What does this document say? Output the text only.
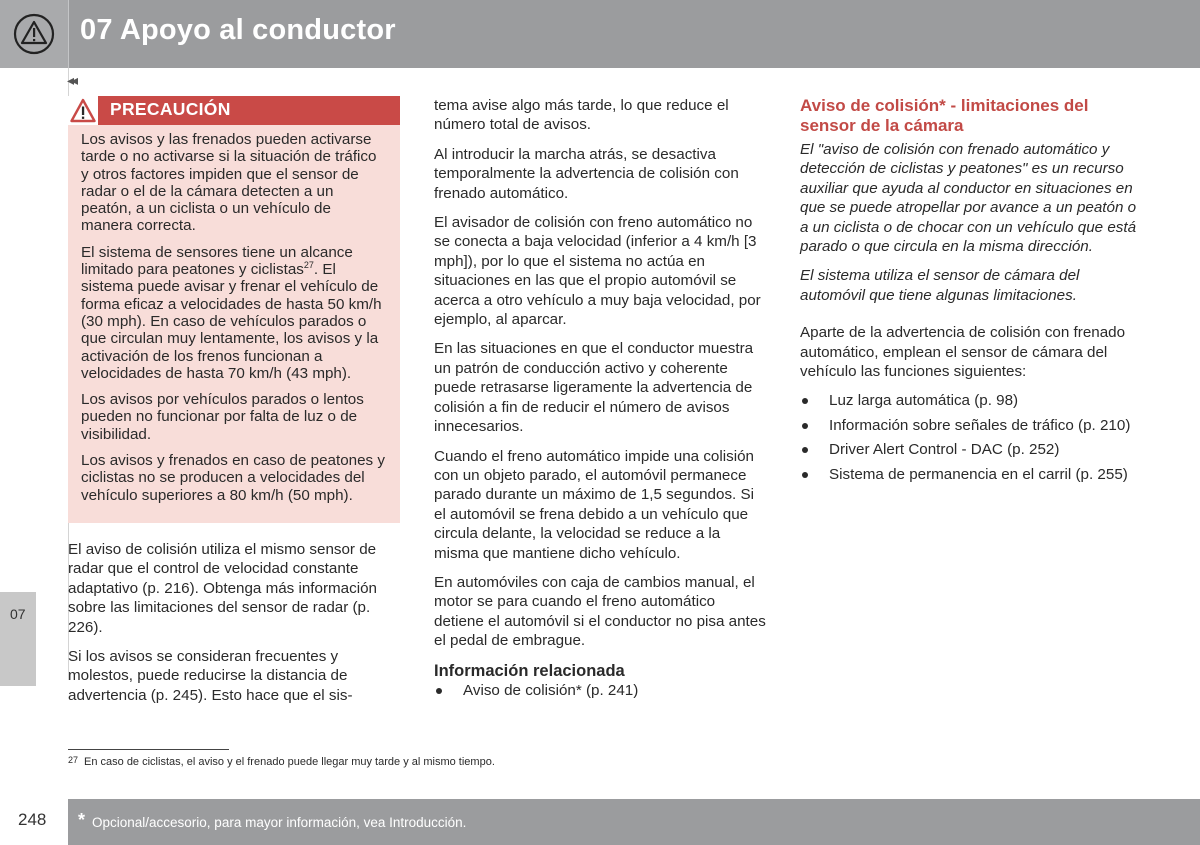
07 Apoyo al conductor
◂◂
07
PRECAUCIÓN

Los avisos y las frenados pueden activarse tarde o no activarse si la situación de tráfico y otros factores impiden que el sensor de radar o el de la cámara detecten a un peatón, a un ciclista o un vehículo de manera correcta.

El sistema de sensores tiene un alcance limitado para peatones y ciclistas$^{27}$. El sistema puede avisar y frenar el vehículo de forma eficaz a velocidades de hasta 50 km/h (30 mph). En caso de vehículos parados o que circulan muy lentamente, los avisos y la activación de los frenos funcionan a velocidades de hasta 70 km/h (43 mph).

Los avisos por vehículos parados o lentos pueden no funcionar por falta de luz o de visibilidad.

Los avisos y frenados en caso de peatones y ciclistas no se producen a velocidades del vehículo superiores a 80 km/h (50 mph).

El aviso de colisión utiliza el mismo sensor de radar que el control de velocidad constante adaptativo (p. 216). Obtenga más información sobre las limitaciones del sensor de radar (p. 226).

Si los avisos se consideran frecuentes y molestos, puede reducirse la distancia de advertencia (p. 245). Esto hace que el sis-

tema avise algo más tarde, lo que reduce el número total de avisos.

Al introducir la marcha atrás, se desactiva temporalmente la advertencia de colisión con frenado automático.

El avisador de colisión con freno automático no se conecta a baja velocidad (inferior a 4 km/h [3 mph]), por lo que el sistema no actúa en situaciones en las que el propio automóvil se acerca a otro vehículo a muy baja velocidad, por ejemplo, al aparcar.

En las situaciones en que el conductor muestra un patrón de conducción activo y coherente puede retrasarse ligeramente la advertencia de colisión a fin de reducir el número de avisos innecesarios.

Cuando el freno automático impide una colisión con un objeto parado, el automóvil permanece parado durante un máximo de 1,5 segundos. Si el automóvil se frena debido a un vehículo que circula delante, la velocidad se reduce a la misma que mantiene dicho vehículo.

En automóviles con caja de cambios manual, el motor se para cuando el freno automático detiene el automóvil si el conductor no pisa antes el pedal de embrague.

Información relacionada
Aviso de colisión* (p. 241)
Aviso de colisión* - limitaciones del sensor de la cámara

El "aviso de colisión con frenado automático y detección de ciclistas y peatones" es un recurso auxiliar que ayuda al conductor en situaciones en que se puede atropellar por avance a un peatón o a un ciclista o de chocar con un vehículo que está parado o que circula en la misma dirección.

El sistema utiliza el sensor de cámara del automóvil que tiene algunas limitaciones.

Aparte de la advertencia de colisión con frenado automático, emplean el sensor de cámara del vehículo las funciones siguientes:

Luz larga automática (p. 98)
Información sobre señales de tráfico (p. 210)
Driver Alert Control - DAC (p. 252)
Sistema de permanencia en el carril (p. 255)
27 En caso de ciclistas, el aviso y el frenado puede llegar muy tarde y al mismo tiempo.
248 * Opcional/accesorio, para mayor información, vea Introducción.
